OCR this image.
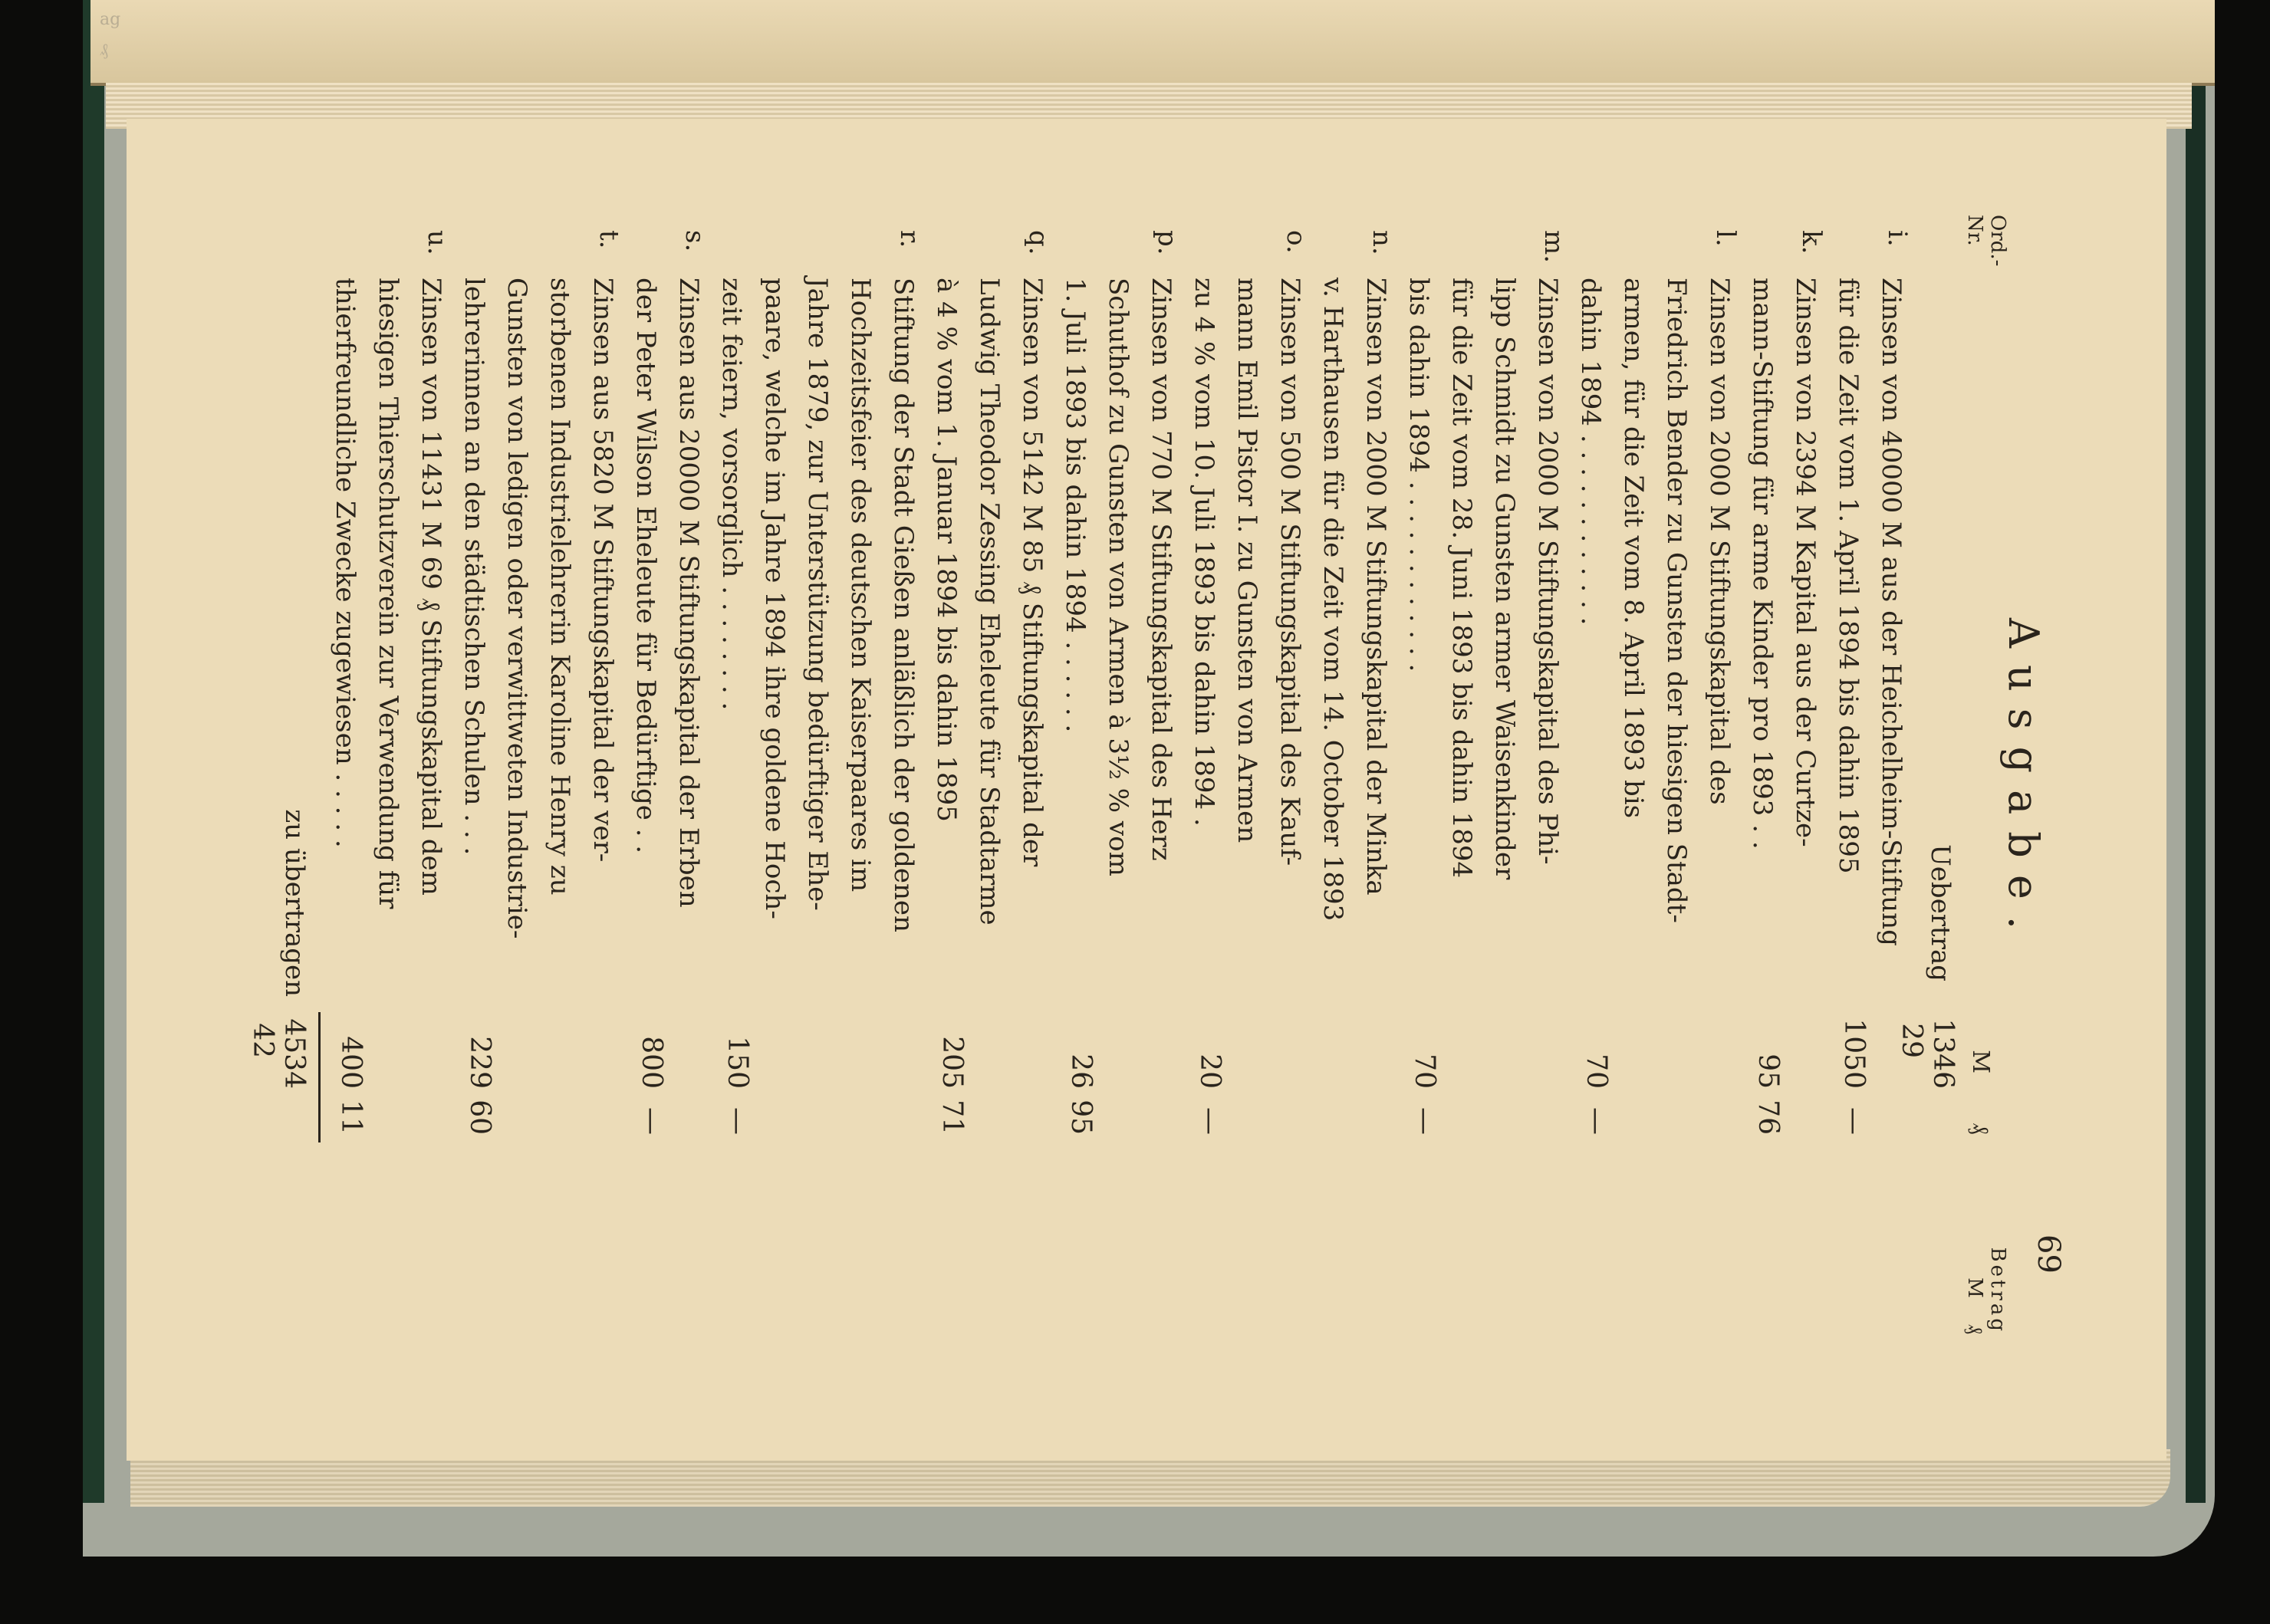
ag
₰
69
Ausgabe.
Ord.-Nr.
Betrag
M ₰
Uebertrag
M ₰
1346 29
zu übertragen
4534 42
i.
Zinsen von 40000 M aus der Heichelheim-Stiftung
für die Zeit vom 1. April 1894 bis dahin 1895
1050—
k.
Zinsen von 2394 M Kapital aus der Curtze-
mann-Stiftung für arme Kinder pro 1893 . .
9576
l.
Zinsen von 2000 M Stiftungskapital des
Friedrich Bender zu Gunsten der hiesigen Stadt-
armen, für die Zeit vom 8. April 1893 bis
dahin 1894 . . . . . . . . . . . .
70—
m.
Zinsen von 2000 M Stiftungskapital des Phi-
lipp Schmidt zu Gunsten armer Waisenkinder
für die Zeit vom 28. Juni 1893 bis dahin 1894
bis dahin 1894 . . . . . . . . . . . .
70—
n.
Zinsen von 2000 M Stiftungskapital der Minka
v. Harthausen für die Zeit vom 14. October 1893
o.
Zinsen von 500 M Stiftungskapital des Kauf-
mann Emil Pistor I. zu Gunsten von Armen
zu 4 % vom 10. Juli 1893 bis dahin 1894 .
20—
p.
Zinsen von 770 M Stiftungskapital des Herz
Schuthof zu Gunsten von Armen à 3½ % vom
1. Juli 1893 bis dahin 1894 . . . . . .
2695
q.
Zinsen von 5142 M 85 ₰ Stiftungskapital der
Ludwig Theodor Zessing Eheleute für Stadtarme
à 4 % vom 1. Januar 1894 bis dahin 1895
20571
r.
Stiftung der Stadt Gießen anläßlich der goldenen
Hochzeitsfeier des deutschen Kaiserpaares im
Jahre 1879, zur Unterstützung bedürftiger Ehe-
paare, welche im Jahre 1894 ihre goldene Hoch-
zeit feiern, vorsorglich . . . . . . . .
150—
s.
Zinsen aus 20000 M Stiftungskapital der Erben
der Peter Wilson Eheleute für Bedürftige . .
800—
t.
Zinsen aus 5820 M Stiftungskapital der ver-
storbenen Industrielehrerin Karoline Henry zu
Gunsten von ledigen oder verwittweten Industrie-
lehrerinnen an den städtischen Schulen . . .
22960
u.
Zinsen von 11431 M 69 ₰ Stiftungskapital dem
hiesigen Thierschutzverein zur Verwendung für
thierfreundliche Zwecke zugewiesen . . . . .
40011
